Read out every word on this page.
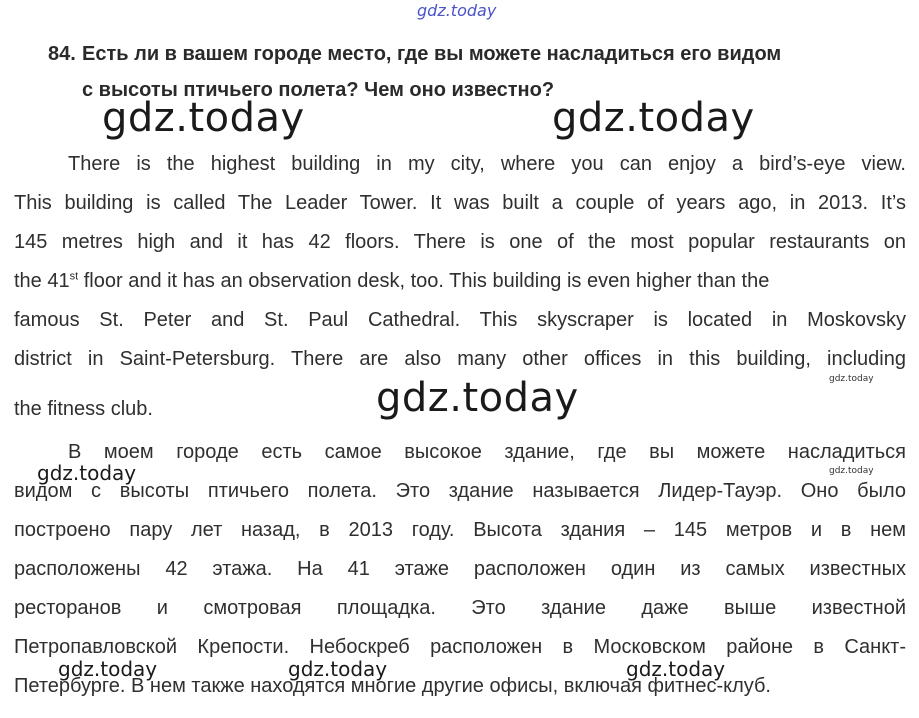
gdz.today
gdz.today	gdz.today
gdz.today	gdz.today
gdz.today
gdz.today
gdz.today	gdz.today	gdz.today
84. Есть ли в вашем городе место, где вы можете насладиться его видом
с высоты птичьего полета? Чем оно известно?
There is the highest building in my city, where you can enjoy a bird’s-eye view.
This building is called The Leader Tower. It was built a couple of years ago, in 2013. It’s
145 metres high and it has 42 floors. There is one of the most popular restaurants on
the 41st floor and it has an observation desk, too. This building is even higher than the
famous St. Peter and St. Paul Cathedral. This skyscraper is located in Moskovsky
district in Saint-Petersburg. There are also many other offices in this building, including
the fitness club.
В моем городе есть самое высокое здание, где вы можете насладиться
видом с высоты птичьего полета. Это здание называется Лидер-Тауэр. Оно было
построено пару лет назад, в 2013 году. Высота здания – 145 метров и в нем
расположены 42 этажа. На 41 этаже расположен один из самых известных
ресторанов и смотровая площадка. Это здание даже выше известной
Петропавловской Крепости. Небоскреб расположен в Московском районе в Санкт-
Петербурге. В нем также находятся многие другие офисы, включая фитнес-клуб.
